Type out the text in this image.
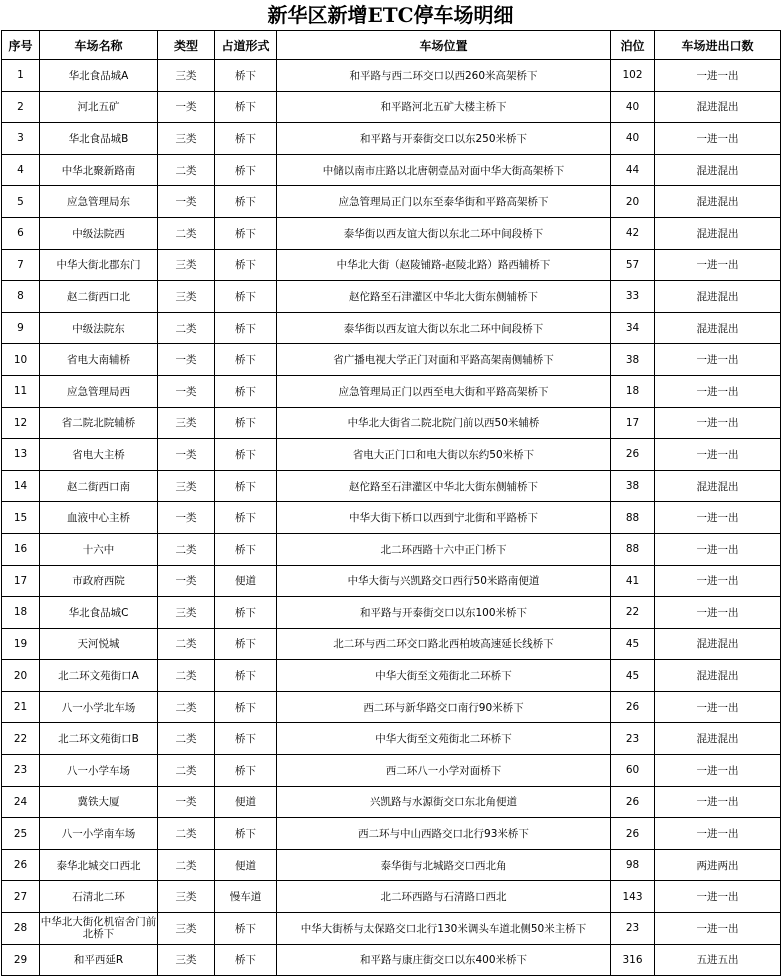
新华区新增ETC停车场明细
序号	车场名称	类型	占道形式	车场位置	泊位	车场进出口数
1	华北食品城A	三类	桥下	和平路与西二环交口以西260米高架桥下	102	一进一出
2	河北五矿	一类	桥下	和平路河北五矿大楼主桥下	40	混进混出
3	华北食品城B	三类	桥下	和平路与开泰街交口以东250米桥下	40	一进一出
4	中华北聚新路南	二类	桥下	中储以南市庄路以北唐朝壹品对面中华大街高架桥下	44	混进混出
5	应急管理局东	一类	桥下	应急管理局正门以东至泰华街和平路高架桥下	20	混进混出
6	中级法院西	二类	桥下	泰华街以西友谊大街以东北二环中间段桥下	42	混进混出
7	中华大街北郡东门	三类	桥下	中华北大街（赵陵铺路-赵陵北路）路西辅桥下	57	一进一出
8	赵二街西口北	三类	桥下	赵佗路至石津灌区中华北大街东侧辅桥下	33	混进混出
9	中级法院东	二类	桥下	泰华街以西友谊大街以东北二环中间段桥下	34	混进混出
10	省电大南辅桥	一类	桥下	省广播电视大学正门对面和平路高架南侧辅桥下	38	一进一出
11	应急管理局西	一类	桥下	应急管理局正门以西至电大街和平路高架桥下	18	一进一出
12	省二院北院辅桥	三类	桥下	中华北大街省二院北院门前以西50米辅桥	17	一进一出
13	省电大主桥	一类	桥下	省电大正门口和电大街以东约50米桥下	26	一进一出
14	赵二街西口南	三类	桥下	赵佗路至石津灌区中华北大街东侧辅桥下	38	混进混出
15	血液中心主桥	一类	桥下	中华大街下桥口以西到宁北街和平路桥下	88	一进一出
16	十六中	二类	桥下	北二环西路十六中正门桥下	88	一进一出
17	市政府西院	一类	便道	中华大街与兴凯路交口西行50米路南便道	41	一进一出
18	华北食品城C	三类	桥下	和平路与开泰街交口以东100米桥下	22	一进一出
19	天河悦城	二类	桥下	北二环与西二环交口路北西柏坡高速延长线桥下	45	混进混出
20	北二环文苑街口A	二类	桥下	中华大街至文苑街北二环桥下	45	混进混出
21	八一小学北车场	二类	桥下	西二环与新华路交口南行90米桥下	26	一进一出
22	北二环文苑街口B	二类	桥下	中华大街至文苑街北二环桥下	23	混进混出
23	八一小学车场	二类	桥下	西二环八一小学对面桥下	60	一进一出
24	冀铁大厦	一类	便道	兴凯路与水源街交口东北角便道	26	一进一出
25	八一小学南车场	二类	桥下	西二环与中山西路交口北行93米桥下	26	一进一出
26	泰华北城交口西北	二类	便道	泰华街与北城路交口西北角	98	两进两出
27	石清北二环	三类	慢车道	北二环西路与石清路口西北	143	一进一出
28	中华北大街化机宿舍门前北桥下	三类	桥下	中华大街桥与太保路交口北行130米调头车道北侧50米主桥下	23	一进一出
29	和平西延R	三类	桥下	和平路与康庄街交口以东400米桥下	316	五进五出
